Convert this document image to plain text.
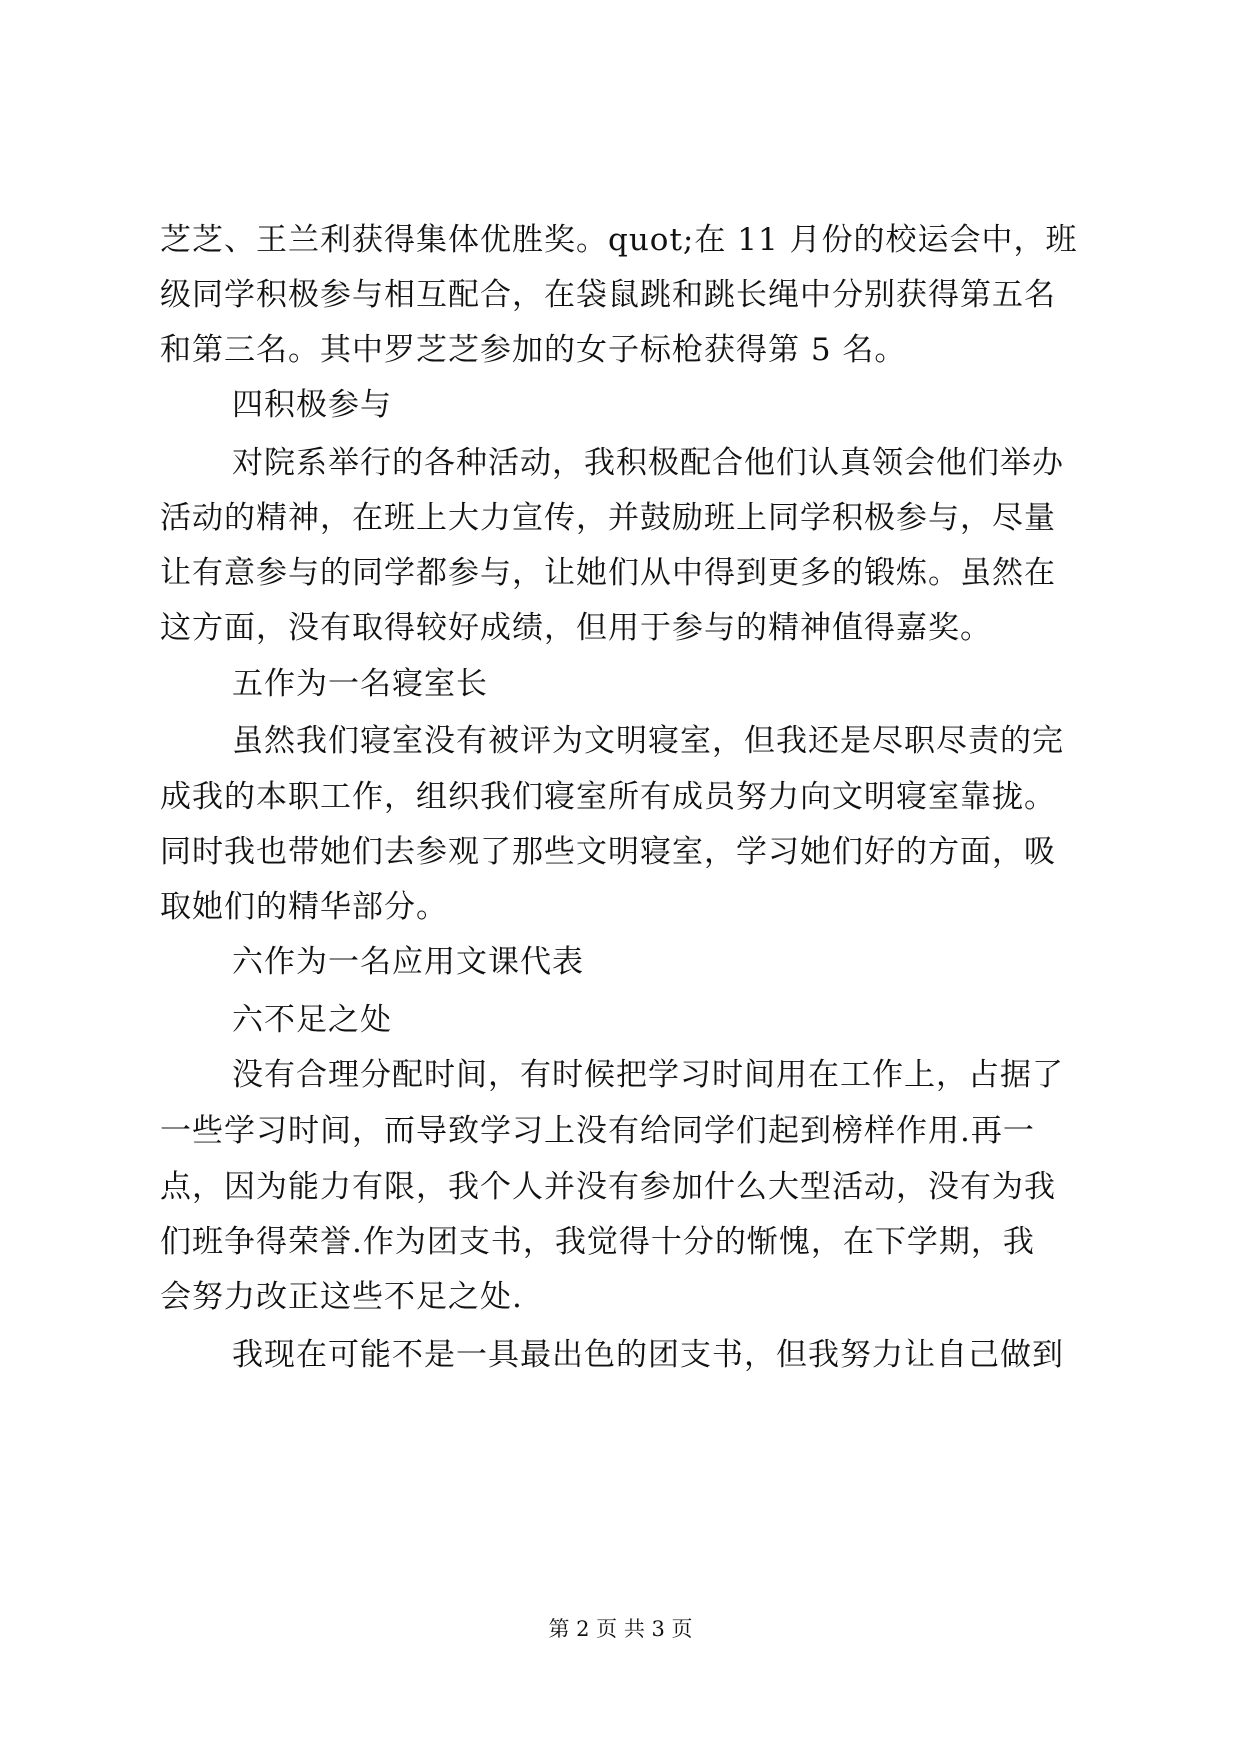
芝芝、王兰利获得集体优胜奖。quot;在 11 月份的校运会中，班
级同学积极参与相互配合，在袋鼠跳和跳长绳中分别获得第五名
和第三名。其中罗芝芝参加的女子标枪获得第 5 名。
四积极参与
对院系举行的各种活动，我积极配合他们认真领会他们举办
活动的精神，在班上大力宣传，并鼓励班上同学积极参与，尽量
让有意参与的同学都参与，让她们从中得到更多的锻炼。虽然在
这方面，没有取得较好成绩，但用于参与的精神值得嘉奖。
五作为一名寝室长
虽然我们寝室没有被评为文明寝室，但我还是尽职尽责的完
成我的本职工作，组织我们寝室所有成员努力向文明寝室靠拢。
同时我也带她们去参观了那些文明寝室，学习她们好的方面，吸
取她们的精华部分。
六作为一名应用文课代表
六不足之处
没有合理分配时间，有时候把学习时间用在工作上，占据了
一些学习时间，而导致学习上没有给同学们起到榜样作用.再一
点，因为能力有限，我个人并没有参加什么大型活动，没有为我
们班争得荣誉.作为团支书，我觉得十分的惭愧，在下学期，我
会努力改正这些不足之处.
我现在可能不是一具最出色的团支书，但我努力让自己做到
第 2 页 共 3 页
